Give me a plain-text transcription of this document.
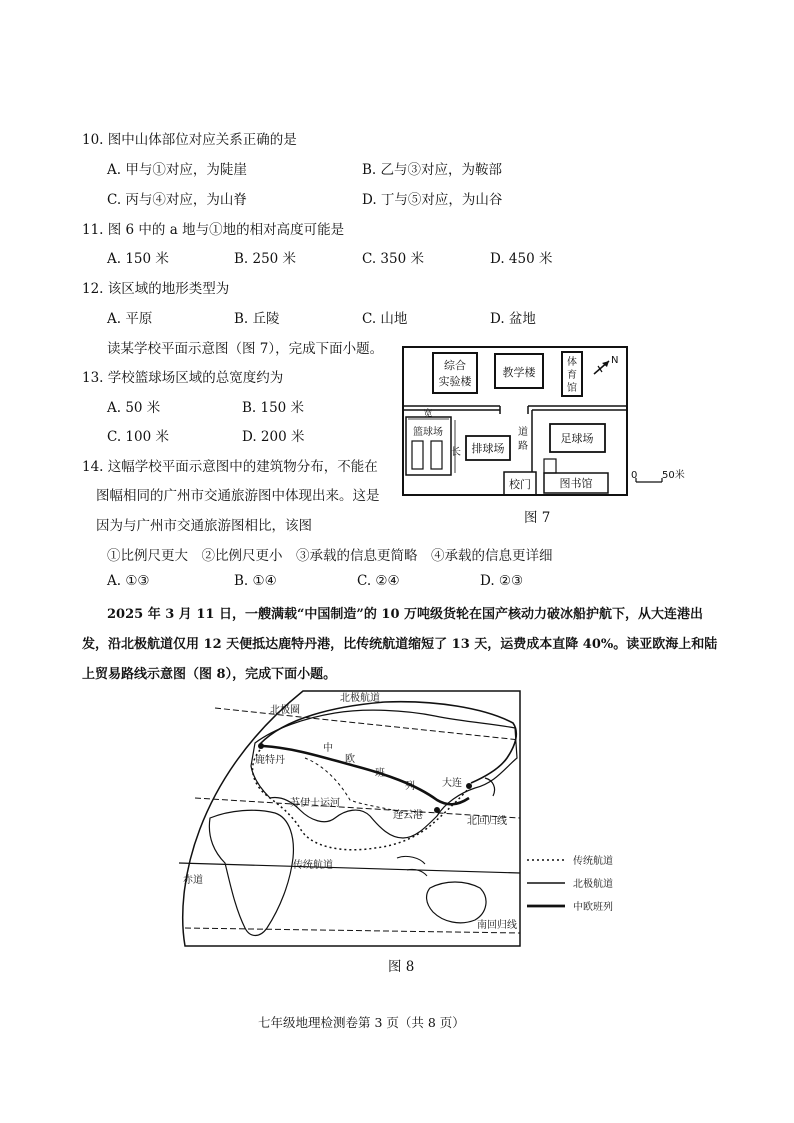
10. 图中山体部位对应关系正确的是
A. 甲与①对应，为陡崖	B. 乙与③对应，为鞍部
C. 丙与④对应，为山脊	D. 丁与⑤对应，为山谷
11. 图 6 中的 a 地与①地的相对高度可能是
A. 150 米	B. 250 米	C. 350 米	D. 450 米
12. 该区域的地形类型为
A. 平原	B. 丘陵	C. 山地	D. 盆地
读某学校平面示意图（图 7），完成下面小题。
13. 学校篮球场区域的总宽度约为
A. 50 米	B. 150 米
C. 100 米	D. 200 米
14. 这幅学校平面示意图中的建筑物分布，不能在
图幅相同的广州市交通旅游图中体现出来。这是
因为与广州市交通旅游图相比，该图
①比例尺更大　②比例尺更小　③承载的信息更简略　④承载的信息更详细
A. ①③	B. ①④	C. ②④	D. ②③
综合
实验楼
教学楼
体
育
馆
N
宽
篮球场
长 排球场
道
路
足球场
校门	图书馆
0 50米
图 7
2025 年 3 月 11 日，一艘满载“中国制造”的 10 万吨级货轮在国产核动力破冰船护航下，从大连港出
发，沿北极航道仅用 12 天便抵达鹿特丹港，比传统航道缩短了 13 天，运费成本直降 40%。读亚欧海上和陆
上贸易路线示意图（图 8），完成下面小题。
北极航道
北极圈
鹿特丹
中
欧
班
列	大连
苏伊士运河
连云港
北回归线
传统航道
赤道
南回归线
传统航道
北极航道
中欧班列
图 8
七年级地理检测卷第 3 页（共 8 页）
